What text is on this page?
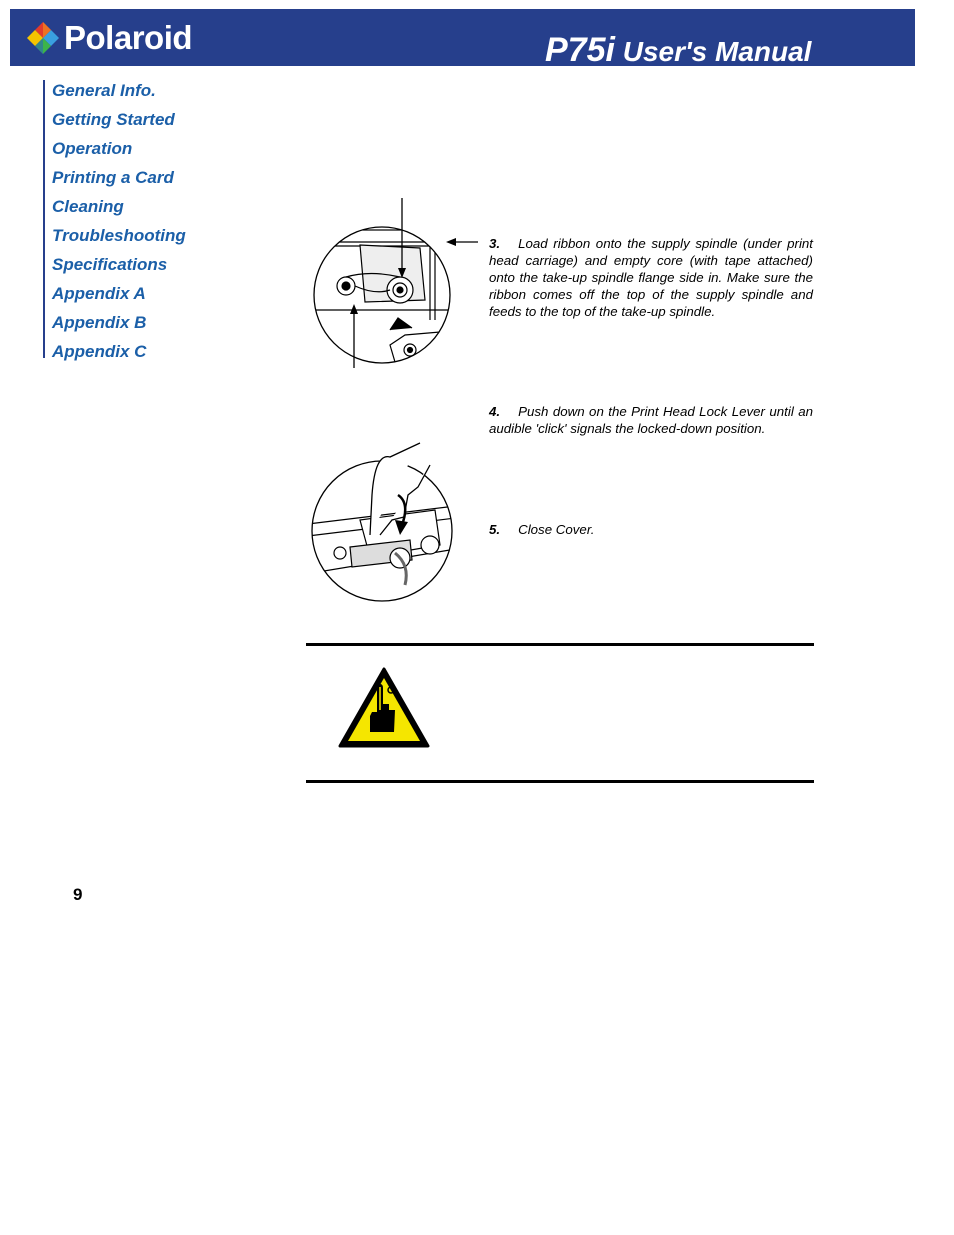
Polaroid	P75i User's Manual
General Info.
Getting Started
Operation
Printing a Card
Cleaning
Troubleshooting
Specifications
Appendix A
Appendix B
Appendix C
3. Load ribbon onto the supply spindle (under print head carriage) and empty core (with tape attached) onto the take-up spindle flange side in. Make sure the ribbon comes off the top of the supply spindle and feeds to the top of the take-up spindle.
4. Push down on the Print Head Lock Lever until an audible 'click' signals the locked-down position.
5. Close Cover.
9
